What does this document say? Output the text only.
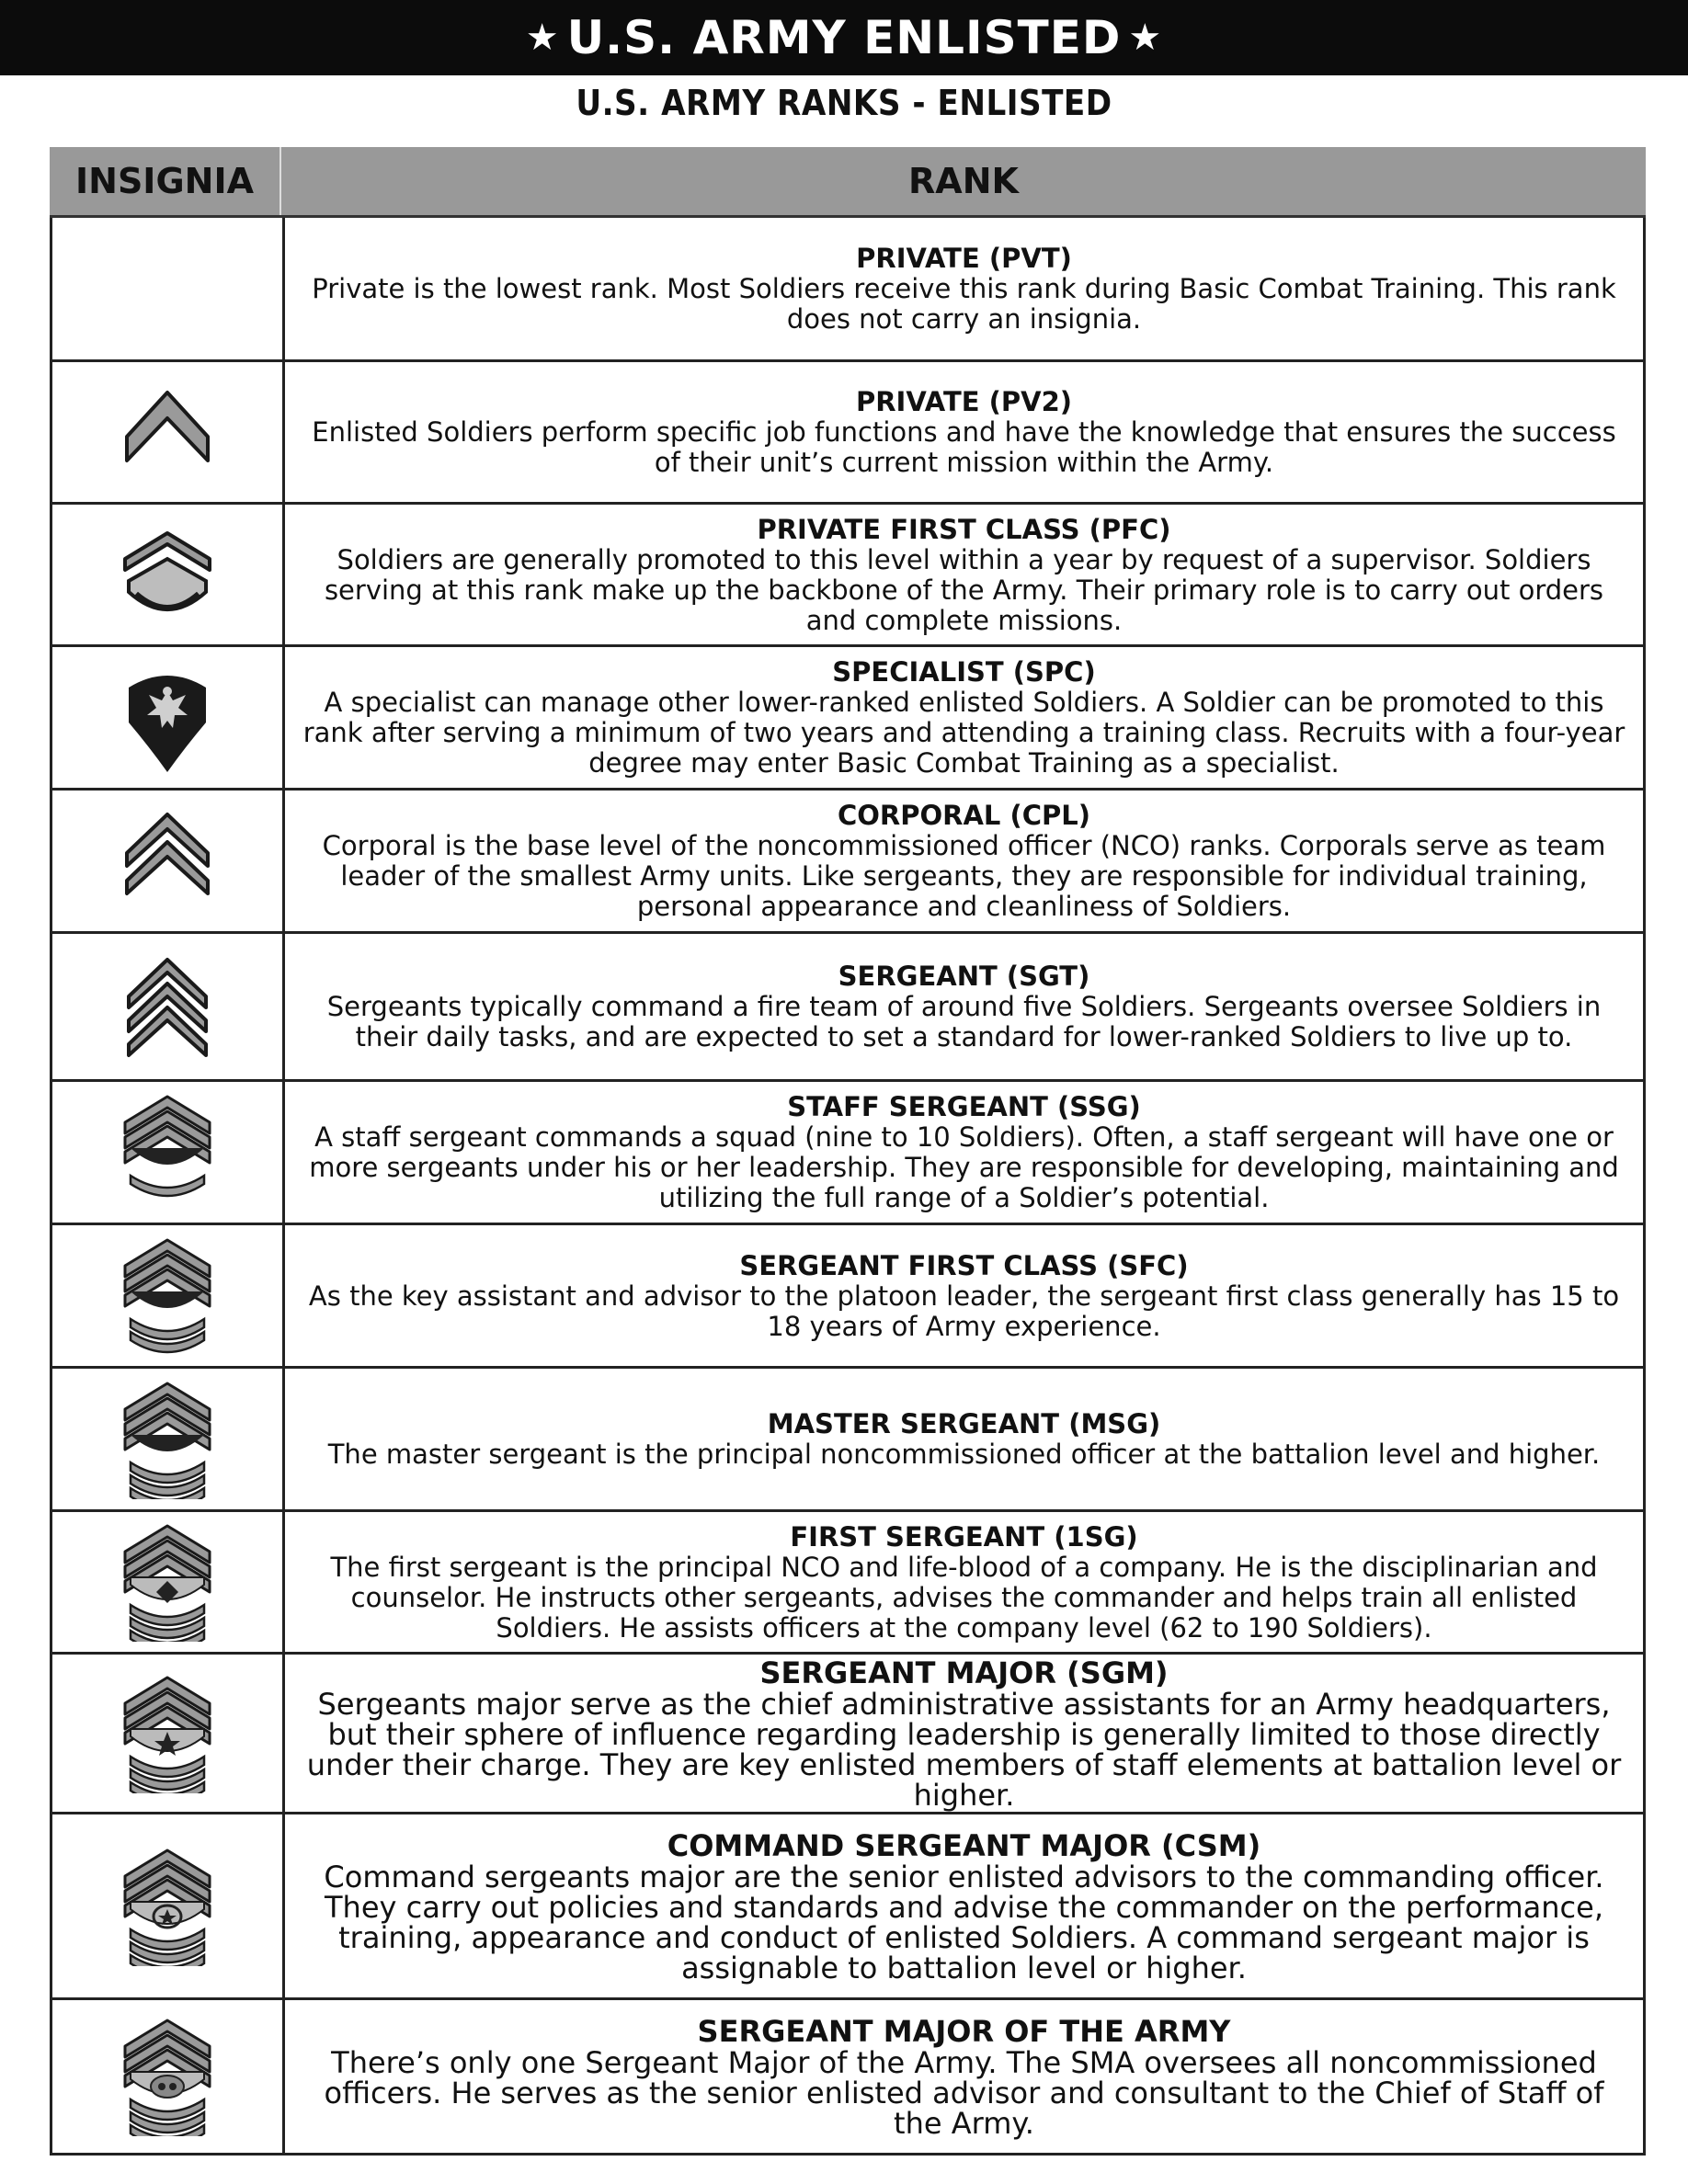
★ U.S. ARMY ENLISTED ★
U.S. ARMY RANKS - ENLISTED
INSIGNIA	RANK
PRIVATE (PVT)
Private is the lowest rank. Most Soldiers receive this rank during Basic Combat Training. This rank does not carry an insignia.
PRIVATE (PV2)
Enlisted Soldiers perform specific job functions and have the knowledge that ensures the success of their unit’s current mission within the Army.
PRIVATE FIRST CLASS (PFC)
Soldiers are generally promoted to this level within a year by request of a supervisor. Soldiers serving at this rank make up the backbone of the Army. Their primary role is to carry out orders and complete missions.
SPECIALIST (SPC)
A specialist can manage other lower-ranked enlisted Soldiers. A Soldier can be promoted to this rank after serving a minimum of two years and attending a training class. Recruits with a four-year degree may enter Basic Combat Training as a specialist.
CORPORAL (CPL)
Corporal is the base level of the noncommissioned officer (NCO) ranks. Corporals serve as team leader of the smallest Army units. Like sergeants, they are responsible for individual training, personal appearance and cleanliness of Soldiers.
SERGEANT (SGT)
Sergeants typically command a fire team of around five Soldiers. Sergeants oversee Soldiers in their daily tasks, and are expected to set a standard for lower-ranked Soldiers to live up to.
STAFF SERGEANT (SSG)
A staff sergeant commands a squad (nine to 10 Soldiers). Often, a staff sergeant will have one or more sergeants under his or her leadership. They are responsible for developing, maintaining and utilizing the full range of a Soldier’s potential.
SERGEANT FIRST CLASS (SFC)
As the key assistant and advisor to the platoon leader, the sergeant first class generally has 15 to 18 years of Army experience.
MASTER SERGEANT (MSG)
The master sergeant is the principal noncommissioned officer at the battalion level and higher.
FIRST SERGEANT (1SG)
The first sergeant is the principal NCO and life-blood of a company. He is the disciplinarian and counselor. He instructs other sergeants, advises the commander and helps train all enlisted Soldiers. He assists officers at the company level (62 to 190 Soldiers).
SERGEANT MAJOR (SGM)
Sergeants major serve as the chief administrative assistants for an Army headquarters, but their sphere of influence regarding leadership is generally limited to those directly under their charge. They are key enlisted members of staff elements at battalion level or higher.
COMMAND SERGEANT MAJOR (CSM)
Command sergeants major are the senior enlisted advisors to the commanding officer. They carry out policies and standards and advise the commander on the performance, training, appearance and conduct of enlisted Soldiers. A command sergeant major is assignable to battalion level or higher.
SERGEANT MAJOR OF THE ARMY
There’s only one Sergeant Major of the Army. The SMA oversees all noncommissioned officers. He serves as the senior enlisted advisor and consultant to the Chief of Staff of the Army.
